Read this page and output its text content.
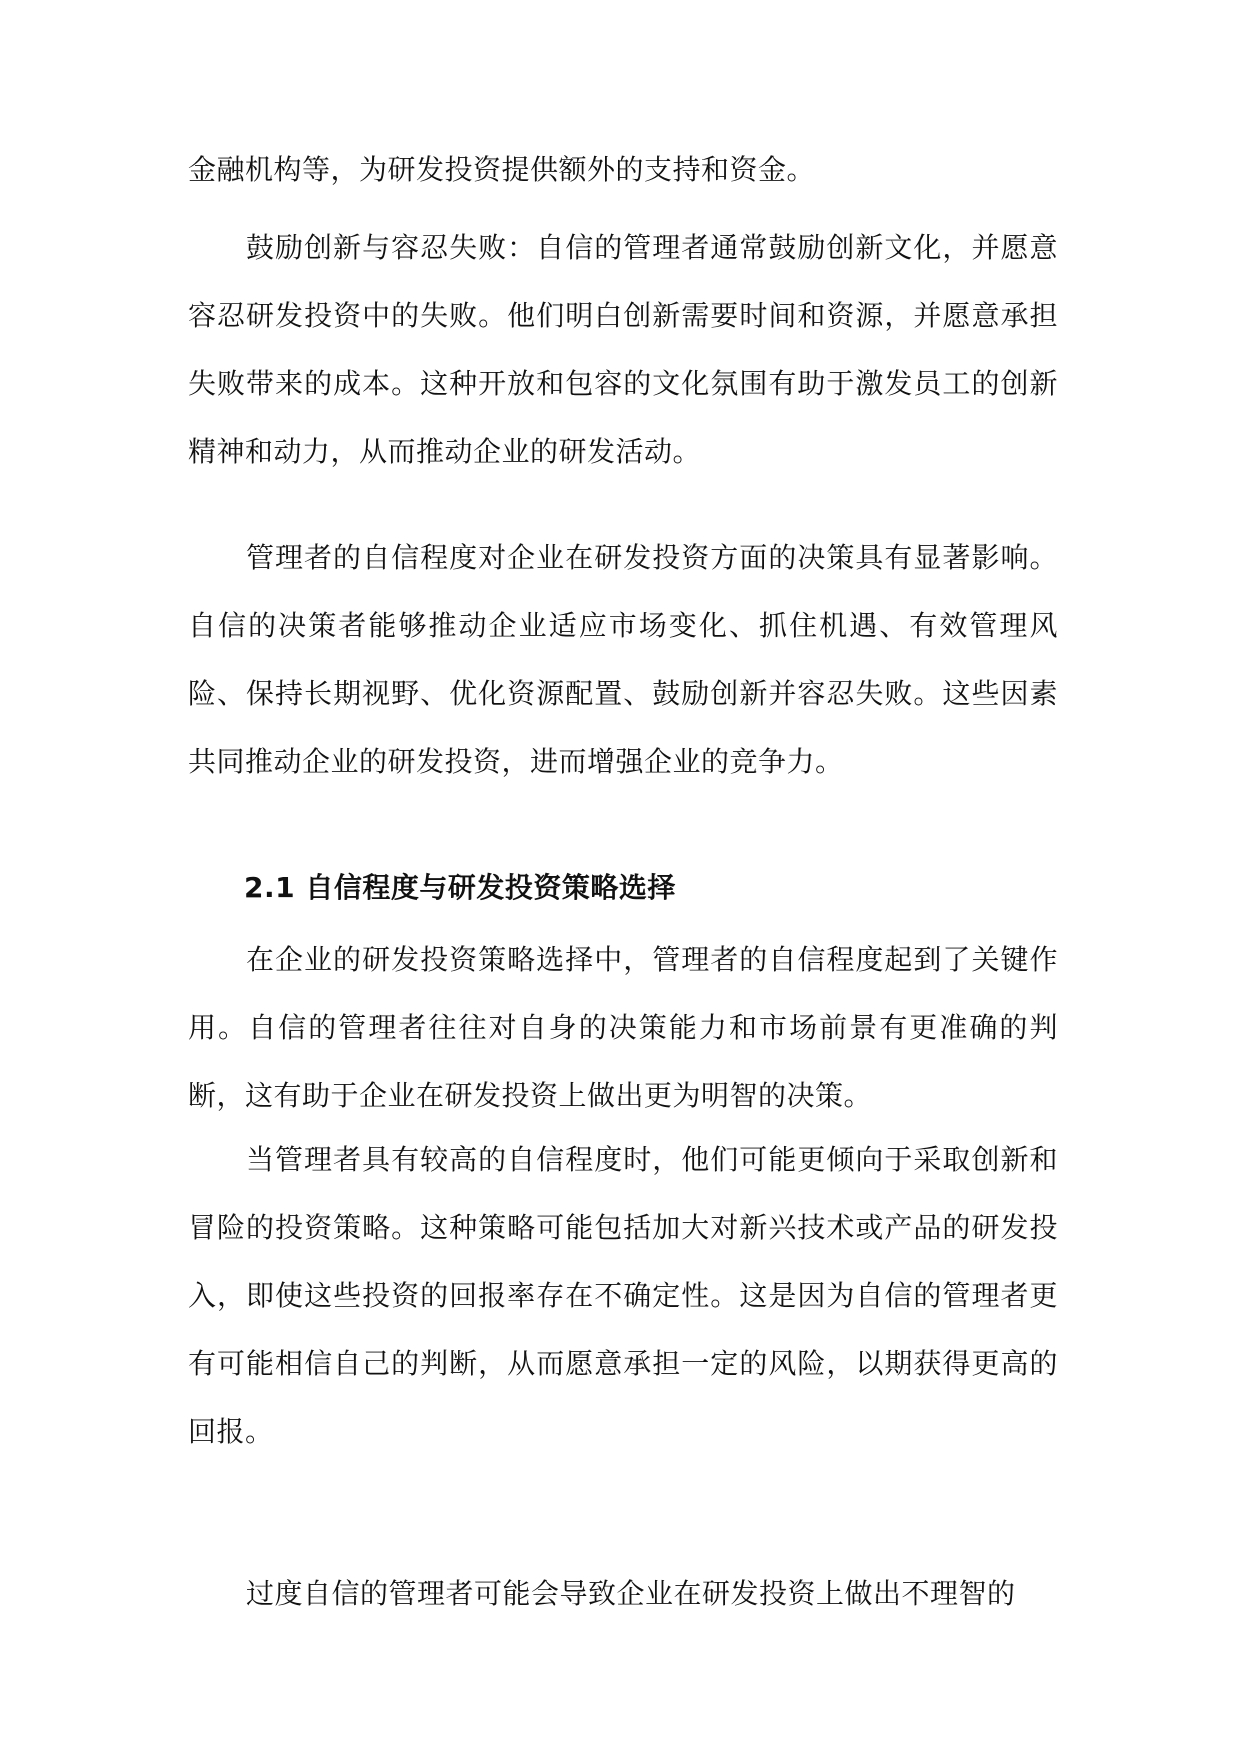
金融机构等，为研发投资提供额外的支持和资金。

鼓励创新与容忍失败：自信的管理者通常鼓励创新文化，并愿意容忍研发投资中的失败。他们明白创新需要时间和资源，并愿意承担失败带来的成本。这种开放和包容的文化氛围有助于激发员工的创新精神和动力，从而推动企业的研发活动。

管理者的自信程度对企业在研发投资方面的决策具有显著影响。自信的决策者能够推动企业适应市场变化、抓住机遇、有效管理风险、保持长期视野、优化资源配置、鼓励创新并容忍失败。这些因素共同推动企业的研发投资，进而增强企业的竞争力。

2.1 自信程度与研发投资策略选择

在企业的研发投资策略选择中，管理者的自信程度起到了关键作用。自信的管理者往往对自身的决策能力和市场前景有更准确的判断，这有助于企业在研发投资上做出更为明智的决策。

当管理者具有较高的自信程度时，他们可能更倾向于采取创新和冒险的投资策略。这种策略可能包括加大对新兴技术或产品的研发投入，即使这些投资的回报率存在不确定性。这是因为自信的管理者更有可能相信自己的判断，从而愿意承担一定的风险，以期获得更高的回报。

过度自信的管理者可能会导致企业在研发投资上做出不理智的
